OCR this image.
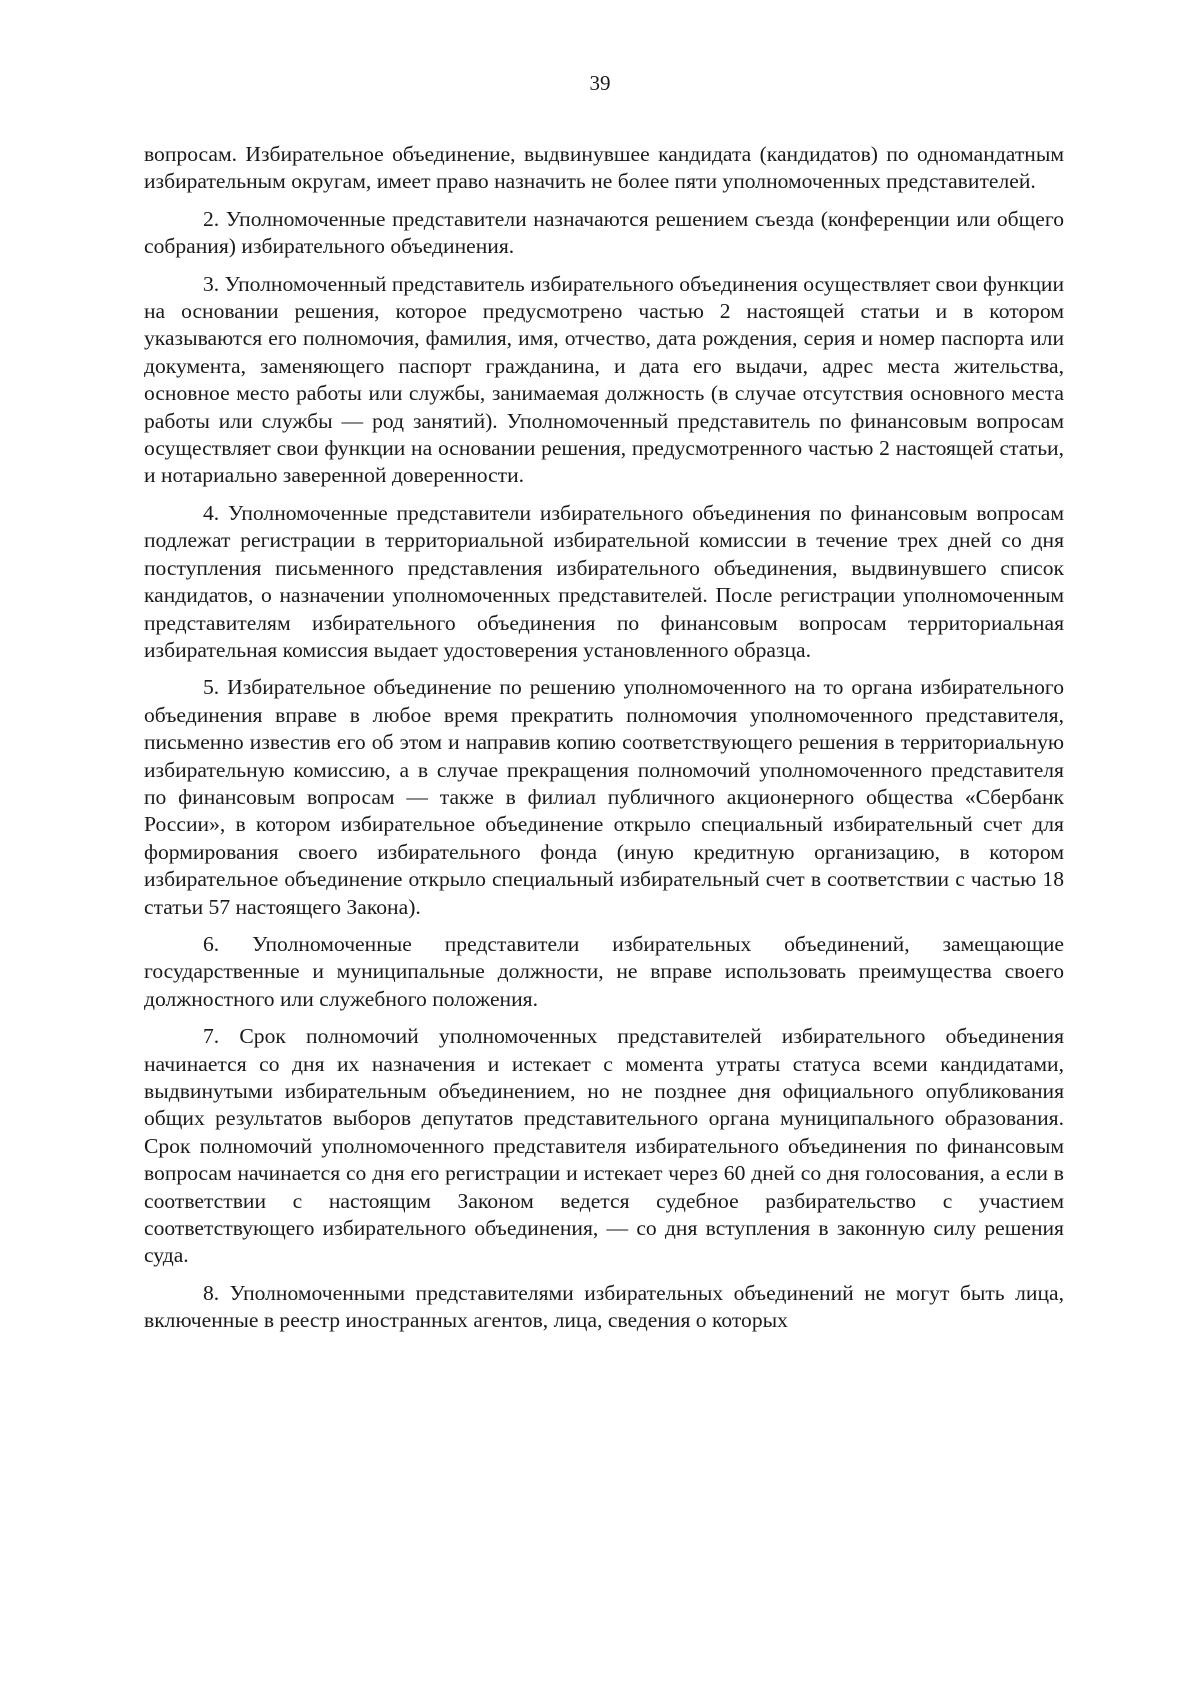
39

вопросам. Избирательное объединение, выдвинувшее кандидата (кандидатов) по одномандатным избирательным округам, имеет право назначить не более пяти уполномоченных представителей.

2. Уполномоченные представители назначаются решением съезда (конференции или общего собрания) избирательного объединения.

3. Уполномоченный представитель избирательного объединения осуществляет свои функции на основании решения, которое предусмотрено частью 2 настоящей статьи и в котором указываются его полномочия, фамилия, имя, отчество, дата рождения, серия и номер паспорта или документа, заменяющего паспорт гражданина, и дата его выдачи, адрес места жительства, основное место работы или службы, занимаемая должность (в случае отсутствия основного места работы или службы — род занятий). Уполномоченный представитель по финансовым вопросам осуществляет свои функции на основании решения, предусмотренного частью 2 настоящей статьи, и нотариально заверенной доверенности.

4. Уполномоченные представители избирательного объединения по финансовым вопросам подлежат регистрации в территориальной избирательной комиссии в течение трех дней со дня поступления письменного представления избирательного объединения, выдвинувшего список кандидатов, о назначении уполномоченных представителей. После регистрации уполномоченным представителям избирательного объединения по финансовым вопросам территориальная избирательная комиссия выдает удостоверения установленного образца.

5. Избирательное объединение по решению уполномоченного на то органа избирательного объединения вправе в любое время прекратить полномочия уполномоченного представителя, письменно известив его об этом и направив копию соответствующего решения в территориальную избирательную комиссию, а в случае прекращения полномочий уполномоченного представителя по финансовым вопросам — также в филиал публичного акционерного общества «Сбербанк России», в котором избирательное объединение открыло специальный избирательный счет для формирования своего избирательного фонда (иную кредитную организацию, в котором избирательное объединение открыло специальный избирательный счет в соответствии с частью 18 статьи 57 настоящего Закона).

6. Уполномоченные представители избирательных объединений, замещающие государственные и муниципальные должности, не вправе использовать преимущества своего должностного или служебного положения.

7. Срок полномочий уполномоченных представителей избирательного объединения начинается со дня их назначения и истекает с момента утраты статуса всеми кандидатами, выдвинутыми избирательным объединением, но не позднее дня официального опубликования общих результатов выборов депутатов представительного органа муниципального образования. Срок полномочий уполномоченного представителя избирательного объединения по финансовым вопросам начинается со дня его регистрации и истекает через 60 дней со дня голосования, а если в соответствии с настоящим Законом ведется судебное разбирательство с участием соответствующего избирательного объединения, — со дня вступления в законную силу решения суда.

8. Уполномоченными представителями избирательных объединений не могут быть лица, включенные в реестр иностранных агентов, лица, сведения о которых
